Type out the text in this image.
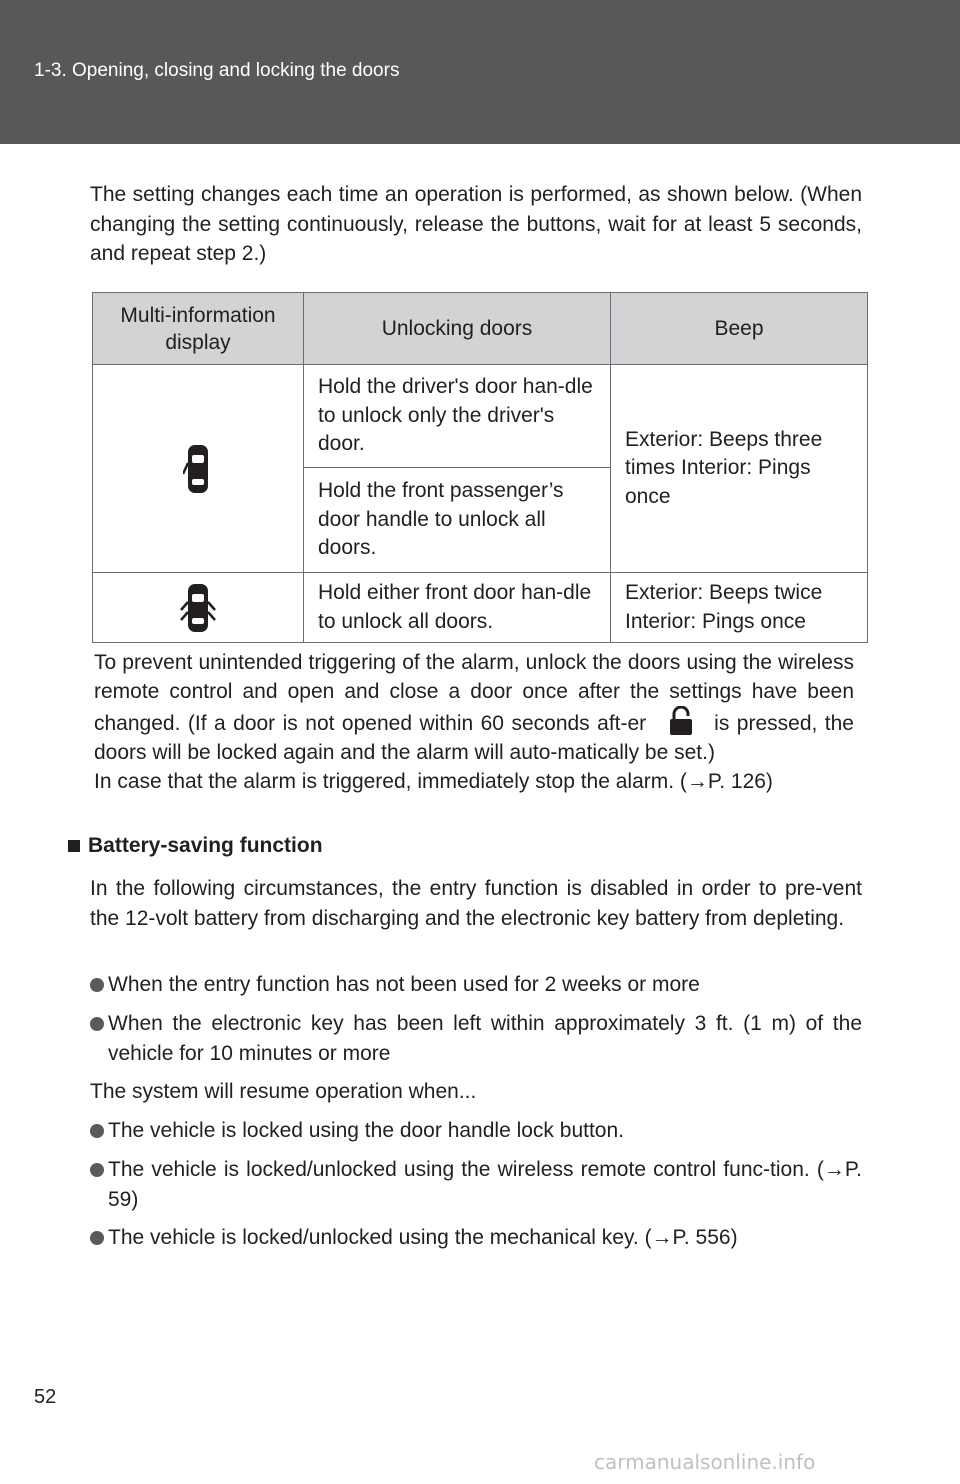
1-3. Opening, closing and locking the doors
The setting changes each time an operation is performed, as shown below. (When changing the setting continuously, release the buttons, wait for at least 5 seconds, and repeat step 2.)
Multi-information display	Unlocking doors	Beep
	Hold the driver's door han-dle to unlock only the driver's door.	Exterior: Beeps three times Interior: Pings once
	Hold the front passenger’s door handle to unlock all doors.	
	Hold either front door han-dle to unlock all doors.	Exterior: Beeps twice Interior: Pings once

To prevent unintended triggering of the alarm, unlock the doors using the wireless remote control and open and close a door once after the settings have been changed. (If a door is not opened within 60 seconds aft-er	is pressed, the doors will be locked again and the alarm will auto-matically be set.)

In case that the alarm is triggered, immediately stop the alarm. (→P. 126)

Battery-saving function
In the following circumstances, the entry function is disabled in order to pre-vent the 12-volt battery from discharging and the electronic key battery from depleting.
When the entry function has not been used for 2 weeks or more
When the electronic key has been left within approximately 3 ft. (1 m) of the vehicle for 10 minutes or more
The system will resume operation when...
The vehicle is locked using the door handle lock button.
The vehicle is locked/unlocked using the wireless remote control func-tion. (→P. 59)
The vehicle is locked/unlocked using the mechanical key. (→P. 556)
52
carmanualsonline.info
